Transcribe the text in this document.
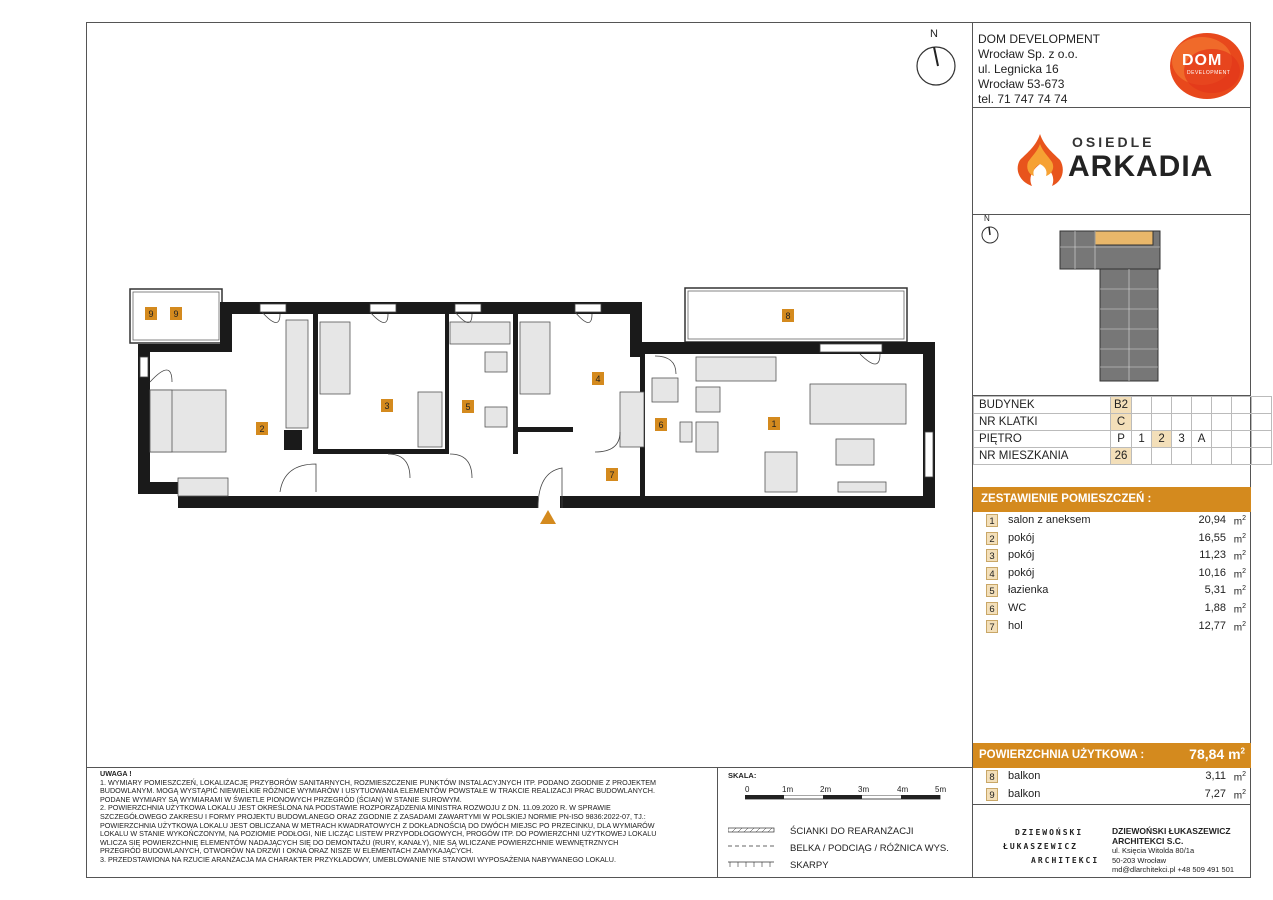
N	DOM DEVELOPMENT
Wrocław Sp. z o.o.
ul. Legnicka 16
Wrocław 53-673
tel. 71 747 74 74
DOM
DEVELOPMENT
OSIEDLE
ARKADIA
N
BUDYNEK	B2							
NR KLATKI	C							
PIĘTRO	P	1	2	3	A			
NR MIESZKANIA	26							
ZESTAWIENIE POMIESZCZEŃ :
1	salon z aneksem	20,94 $m^2$
2	pokój	16,55 $m^2$
3	pokój	11,23 $m^2$
4	pokój	10,16 $m^2$
5	łazienka	5,31 $m^2$
6	WC	1,88 $m^2$
7	hol	12,77 $m^2$
POWIERZCHNIA UŻYTKOWA :	78,84 $m^2$
8	balkon	3,11 $m^2$
9	balkon	7,27 $m^2$
1
2
3
4
5
6
7
8
9 9
UWAGA !
1. WYMIARY POMIESZCZEŃ, LOKALIZACJĘ PRZYBORÓW SANITARNYCH, ROZMIESZCZENIE PUNKTÓW INSTALACYJNYCH ITP. PODANO ZGODNIE Z PROJEKTEM
BUDOWLANYM. MOGĄ WYSTĄPIĆ NIEWIELKIE RÓŻNICE WYMIARÓW I USYTUOWANIA ELEMENTÓW POWSTAŁE W TRAKCIE REALIZACJI PRAC BUDOWLANYCH.
PODANE WYMIARY SĄ WYMIARAMI W ŚWIETLE PIONOWYCH PRZEGRÓD (ŚCIAN) W STANIE SUROWYM.
2. POWIERZCHNIA UŻYTKOWA LOKALU JEST OKREŚLONA NA PODSTAWIE ROZPORZĄDZENIA MINISTRA ROZWOJU Z DN. 11.09.2020 R. W SPRAWIE
SZCZEGÓŁOWEGO ZAKRESU I FORMY PROJEKTU BUDOWLANEGO ORAZ ZGODNIE Z ZASADAMI ZAWARTYMI W POLSKIEJ NORMIE PN-ISO 9836:2022-07, TJ.:
POWIERZCHNIA UŻYTKOWA LOKALU JEST OBLICZANA W METRACH KWADRATOWYCH Z DOKŁADNOŚCIĄ DO DWÓCH MIEJSC PO PRZECINKU, DLA WYMIARÓW
LOKALU W STANIE WYKOŃCZONYM, NA POZIOMIE PODŁOGI, NIE LICZĄC LISTEW PRZYPODŁOGOWYCH, PROGÓW ITP. DO POWIERZCHNI UŻYTKOWEJ LOKALU
WLICZA SIĘ POWIERZCHNIĘ ELEMENTÓW NADAJĄCYCH SIĘ DO DEMONTAŻU (RURY, KANAŁY), NIE SĄ WLICZANE POWIERZCHNIE WEWNĘTRZNYCH
PRZEGRÓD BUDOWLANYCH, OTWORÓW NA DRZWI I OKNA ORAZ NISZE W ELEMENTACH ZAMYKAJĄCYCH.
3. PRZEDSTAWIONA NA RZUCIE ARANŻACJA MA CHARAKTER PRZYKŁADOWY, UMEBLOWANIE NIE STANOWI WYPOSAŻENIA NABYWANEGO LOKALU.
SKALA:
0	1m	2m	3m	4m	5m
ŚCIANKI DO REARANŻACJI
BELKA / PODCIĄG / RÓŻNICA WYS.
SKARPY
DZIEWOŃSKI
ŁUKASZEWICZ
ARCHITEKCI
DZIEWOŃSKI ŁUKASZEWICZ
ARCHITEKCI S.C.
ul. Księcia Witolda 80/1a
50-203 Wrocław
md@dlarchitekci.pl +48 509 491 501
